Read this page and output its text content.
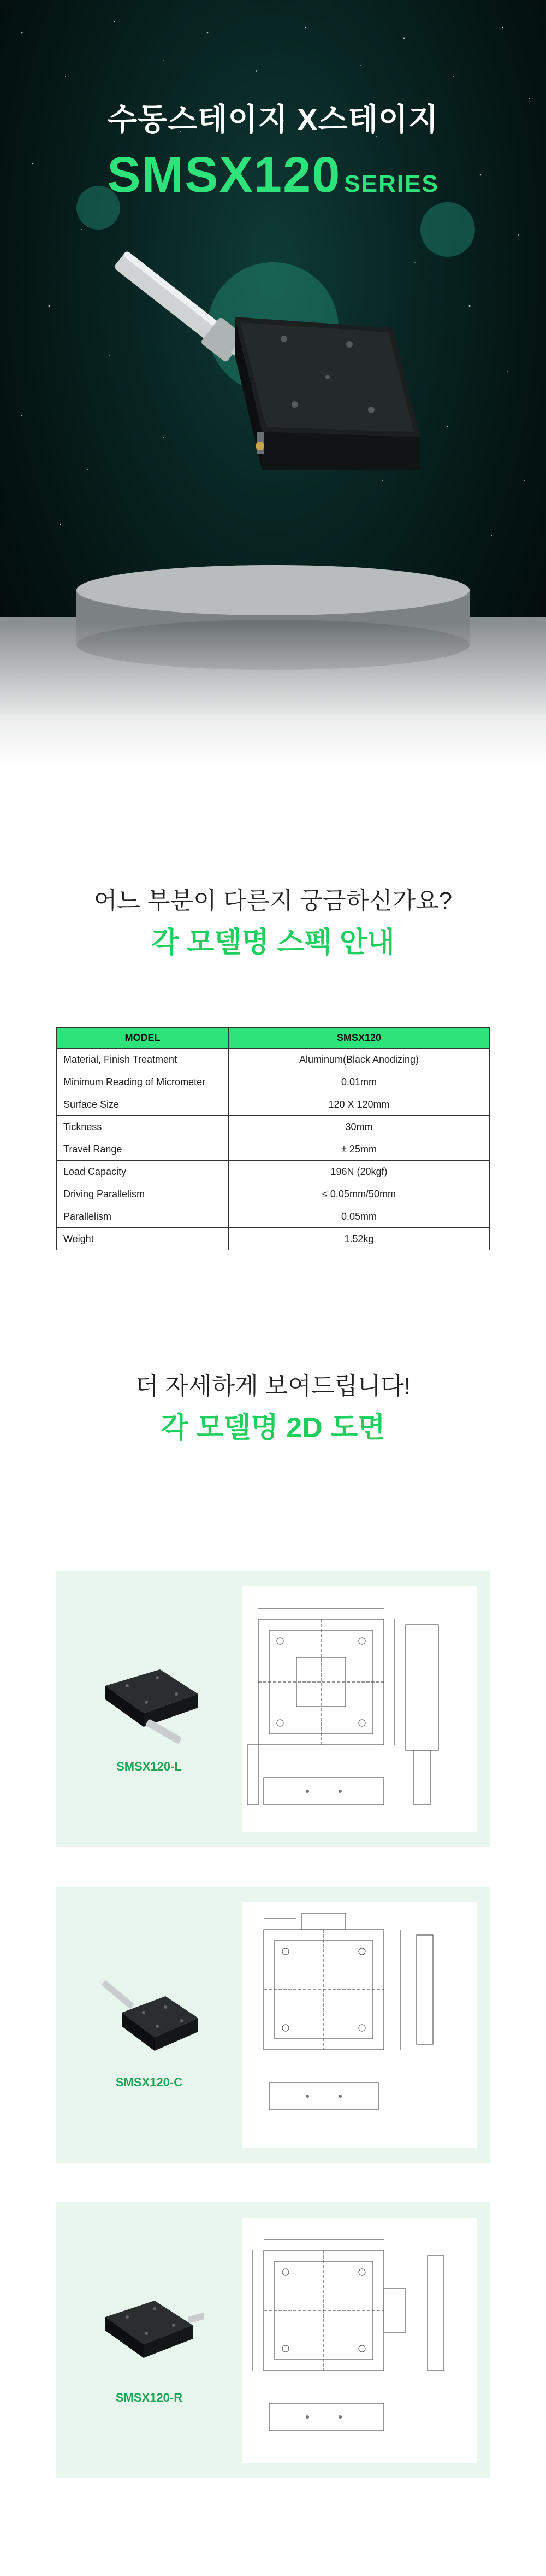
수동스테이지 X스테이지
SMSX120 SERIES
어느 부분이 다른지 궁금하신가요?
각 모델명 스펙 안내
MODEL	SMSX120
Material, Finish Treatment	Aluminum(Black Anodizing)
Minimum Reading of Micrometer	0.01mm
Surface Size	120 X 120mm
Tickness	30mm
Travel Range	± 25mm
Load Capacity	196N (20kgf)
Driving Parallelism	≤ 0.05mm/50mm
Parallelism	0.05mm
Weight	1.52kg
더 자세하게 보여드립니다!
각 모델명 2D 도면
SMSX120-L
SMSX120-C
SMSX120-R
